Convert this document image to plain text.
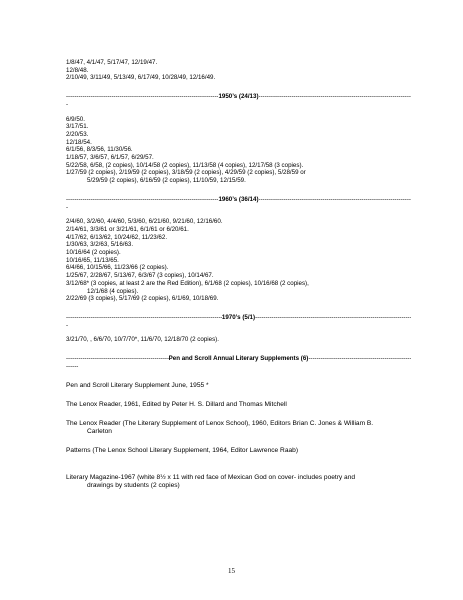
1/8/47, 4/1/47, 5/17/47, 12/19/47.
12/8/48.
2/10/49, 3/11/49, 5/13/49, 6/17/49, 10/28/49, 12/16/49.
-----
1950’s (24/13)
-----
-
6/9/50.
3/17/51.
2/20/53.
12/18/54.
6/1/56, 8/3/56, 11/30/56.
1/18/57, 3/6/57, 6/1/57, 6/29/57.
5/22/58, 6/58, (2 copies), 10/14/58 (2 copies), 11/13/58 (4 copies), 12/17/58 (3 copies).
1/27/59 (2 copies), 2/19/59 (2 copies), 3/18/59 (2 copies), 4/29/59 (2 copies), 5/28/59 or
5/29/59 (2 copies), 6/16/59 (2 copies), 11/10/59, 12/15/59.
-----
1960’s (36/14)
-----
-
2/4/60, 3/2/60, 4/4/60, 5/3/60, 6/21/60, 9/21/60, 12/16/60.
2/14/61, 3/3/61 or 3/21/61, 6/1/61 or 6/20/61.
4/17/62, 6/13/62, 10/24/62, 11/23/62.
1/30/63, 3/2/63, 5/16/63.
10/16/64 (2 copies).
10/16/65, 11/13/65.
6/4/66, 10/15/66, 11/23/66 (2 copies).
1/25/67, 2/28/67, 5/13/67, 6/3/67 (3 copies), 10/14/67.
3/12/68* (3 copies, at least 2 are the Red Edition), 6/1/68 (2 copies), 10/16/68 (2 copies),
12/1/68 (4 copies).
2/22/69 (3 copies), 5/17/69 (2 copies), 6/1/69, 10/18/69.
-----
1970’s (5/1)
-----
-
3/21/70, , 6/6/70, 10/7/70*, 11/6/70, 12/18/70 (2 copies).
-----
Pen and Scroll Annual Literary Supplements (6)
-----
------
Pen and Scroll Literary Supplement June, 1955 *
The Lenox Reader, 1961, Edited by Peter H. S. Dillard and Thomas Mitchell
The Lenox Reader (The Literary Supplement of Lenox School), 1960, Editors Brian C. Jones & William B.
Carleton
Patterns (The Lenox School Literary Supplement, 1964, Editor Lawrence Raab)
Literary Magazine-1967 (white 8½ x 11 with red face of Mexican God on cover- includes poetry and
drawings by students (2 copies)
15
